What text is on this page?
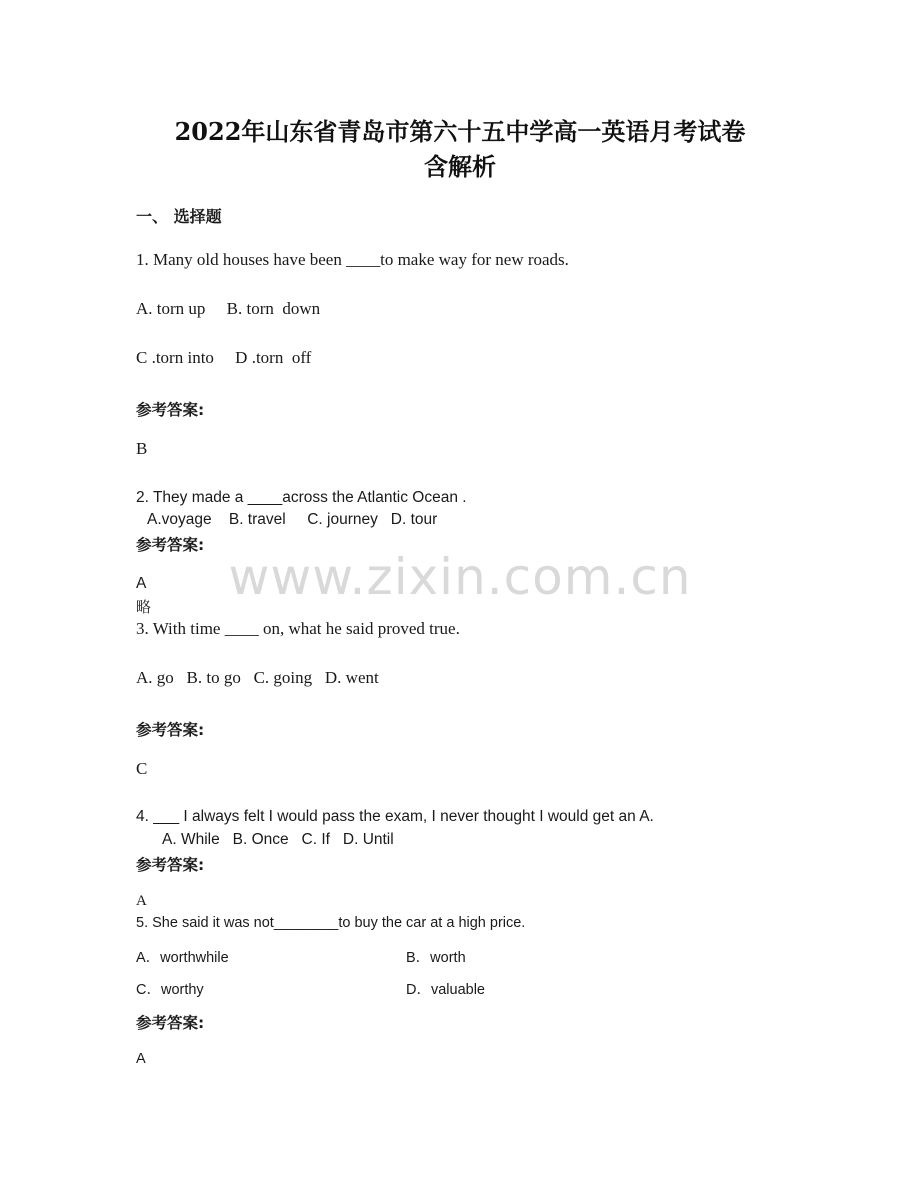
www.zixin.com.cn
2022年山东省青岛市第六十五中学高一英语月考试卷
含解析
一、 选择题
1. Many old houses have been ____to make way for new roads.
A. torn up     B. torn  down
C .torn into     D .torn  off
参考答案:
B
2. They made a ____across the Atlantic Ocean .
A.voyage    B. travel     C. journey   D. tour
参考答案:
A
略
3. With time ____ on, what he said proved true.
A. go   B. to go   C. going   D. went
参考答案:
C
4. ___ I always felt I would pass the exam, I never thought I would get an A.
A. While   B. Once   C. If   D. Until
参考答案:
A
5. She said it was not________to buy the car at a high price.
A．worthwhile	B．worth
C．worthy	D．valuable
参考答案:
A
